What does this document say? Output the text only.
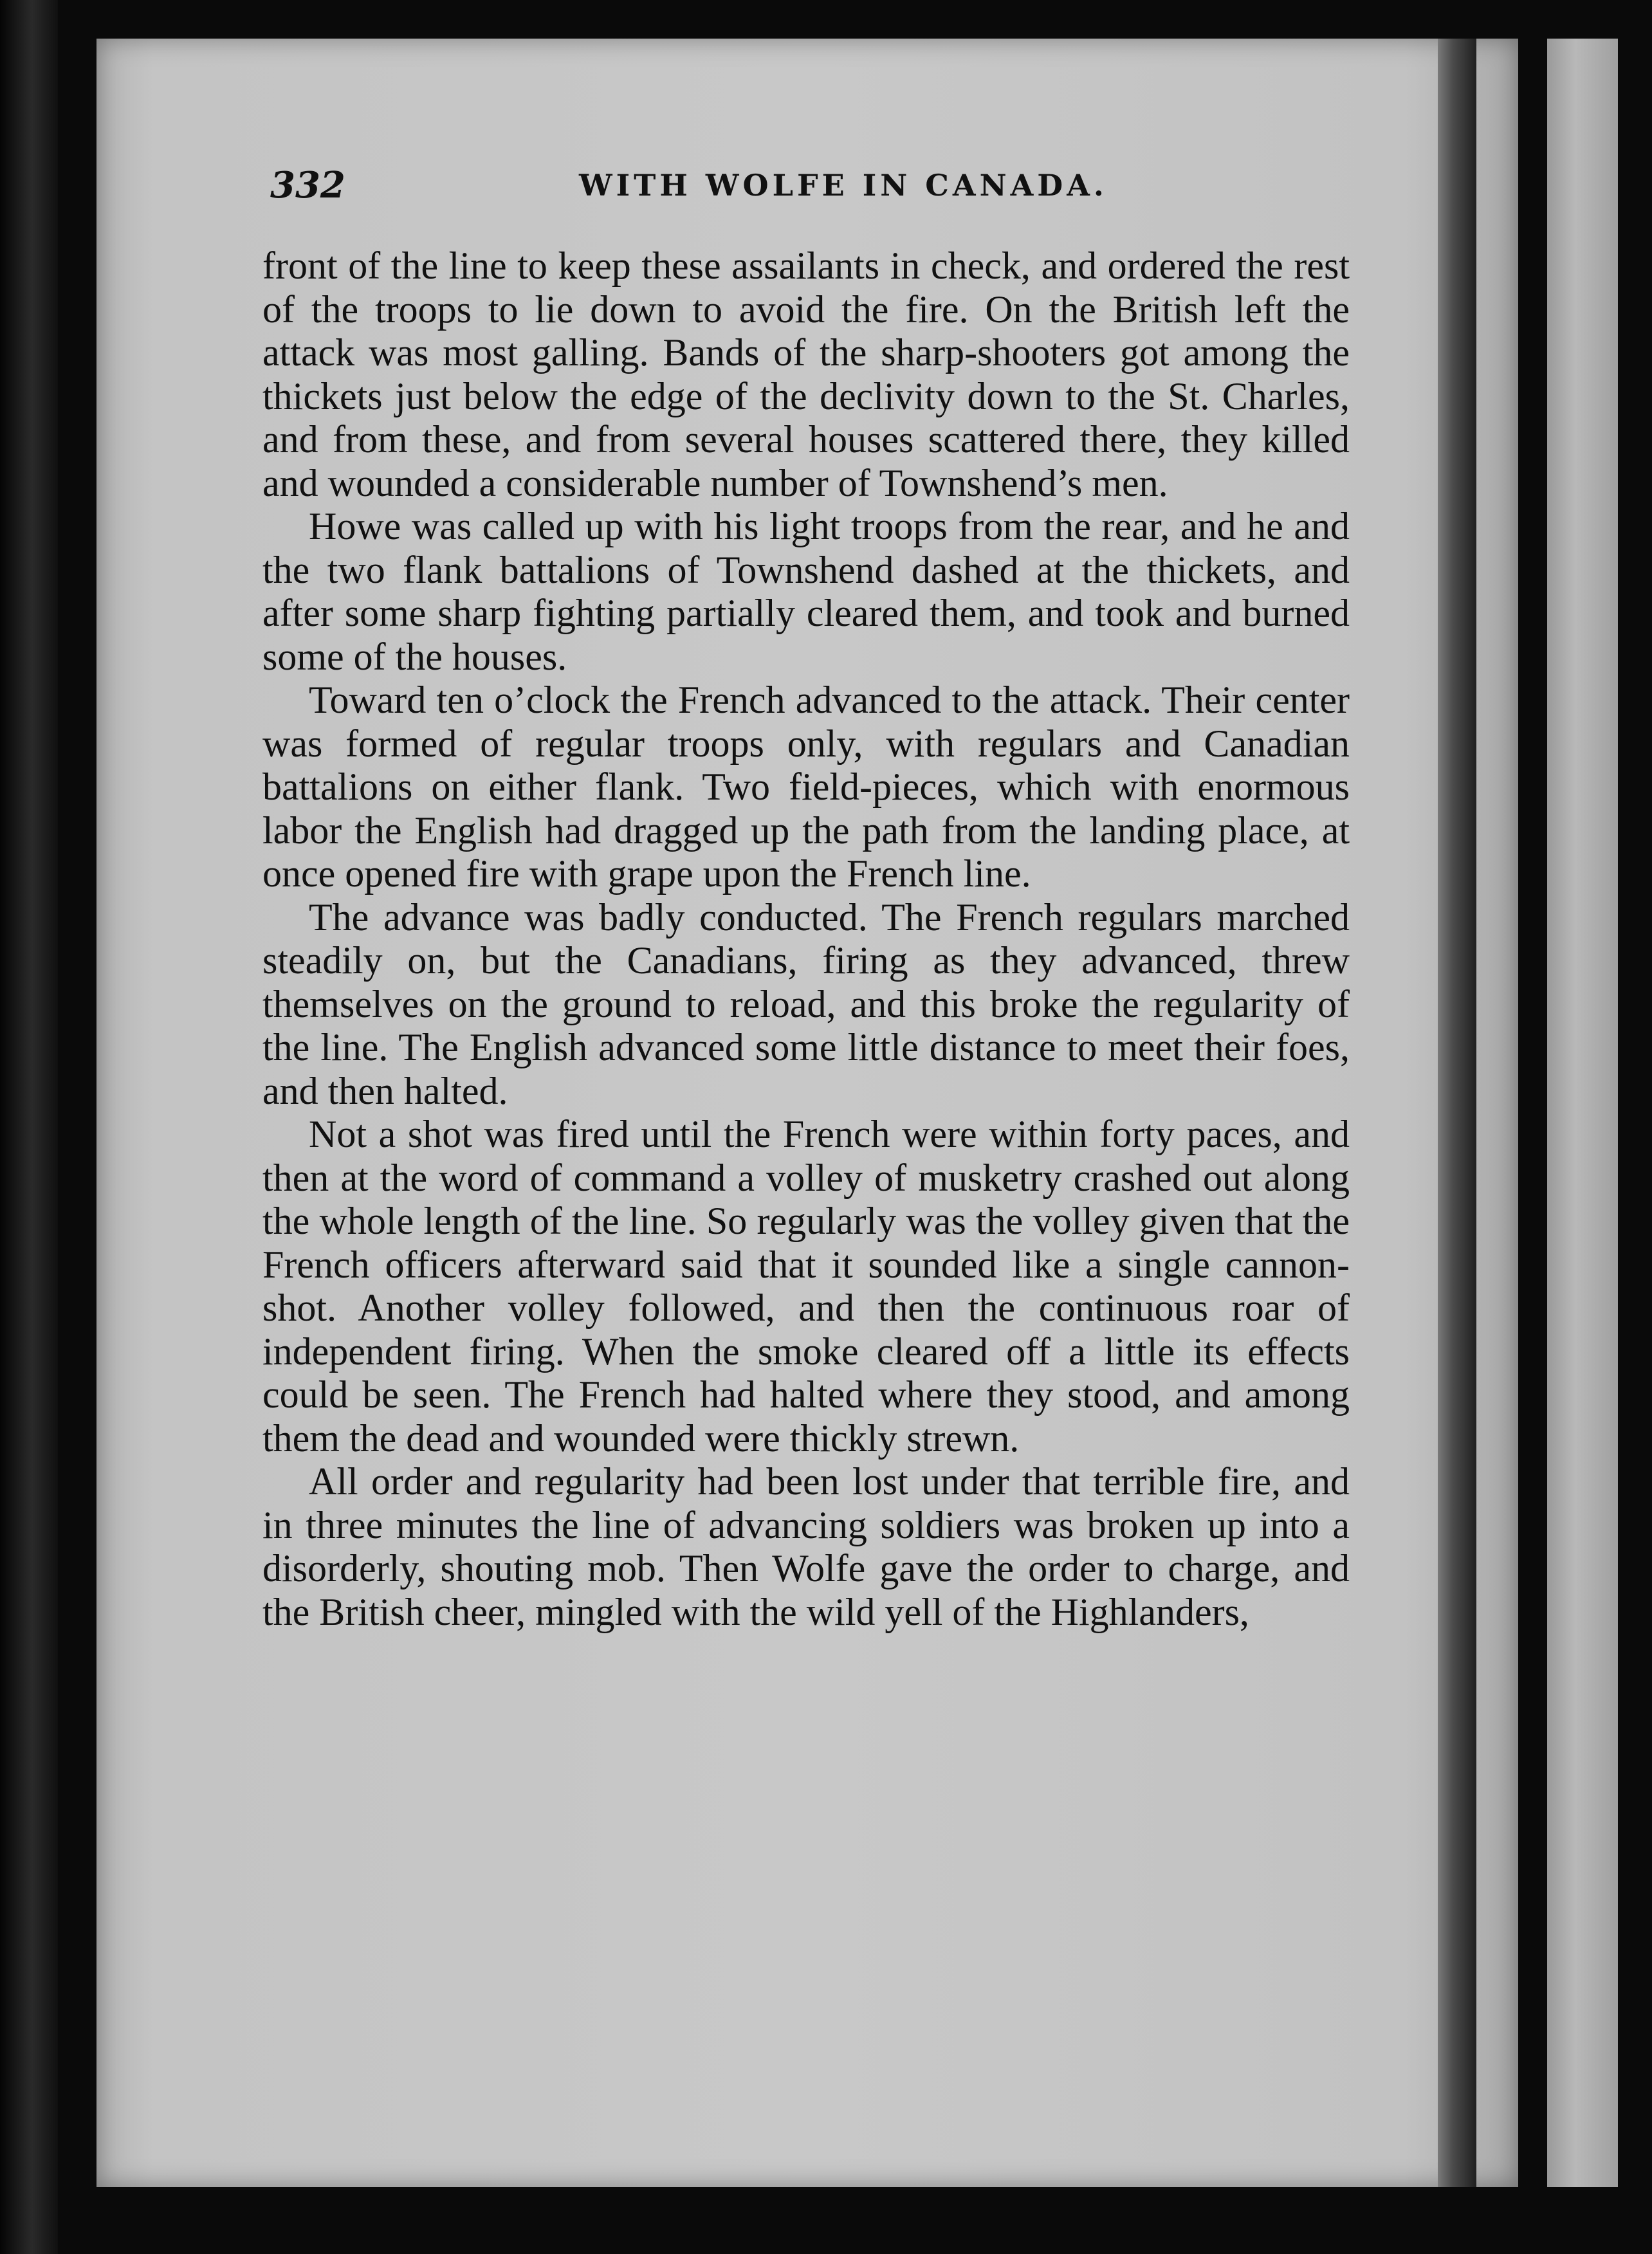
332	WITH WOLFE IN CANADA.

front of the line to keep these assailants in check, and ordered the rest of the troops to lie down to avoid the fire. On the British left the attack was most galling. Bands of the sharp-shooters got among the thickets just below the edge of the declivity down to the St. Charles, and from these, and from several houses scattered there, they killed and wounded a considerable number of Townshend’s men.

Howe was called up with his light troops from the rear, and he and the two flank battalions of Townshend dashed at the thickets, and after some sharp fighting partially cleared them, and took and burned some of the houses.

Toward ten o’clock the French advanced to the attack. Their center was formed of regular troops only, with regulars and Canadian battalions on either flank. Two field-pieces, which with enormous labor the English had dragged up the path from the landing place, at once opened fire with grape upon the French line.

The advance was badly conducted. The French regulars marched steadily on, but the Canadians, firing as they advanced, threw themselves on the ground to reload, and this broke the regularity of the line. The English advanced some little distance to meet their foes, and then halted.

Not a shot was fired until the French were within forty paces, and then at the word of command a volley of musketry crashed out along the whole length of the line. So regularly was the volley given that the French officers afterward said that it sounded like a single cannon-shot. Another volley followed, and then the continuous roar of independent firing. When the smoke cleared off a little its effects could be seen. The French had halted where they stood, and among them the dead and wounded were thickly strewn.

All order and regularity had been lost under that terrible fire, and in three minutes the line of advancing soldiers was broken up into a disorderly, shouting mob. Then Wolfe gave the order to charge, and the British cheer, mingled with the wild yell of the Highlanders,
